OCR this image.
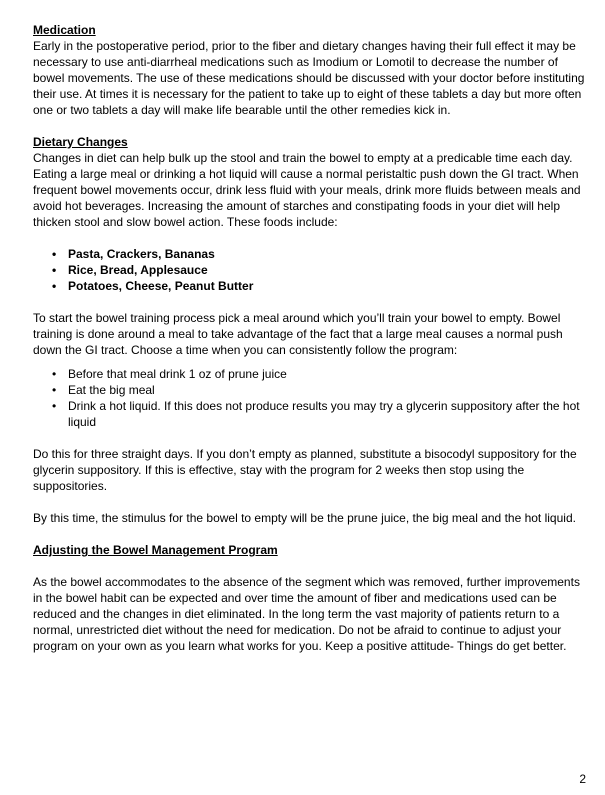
Medication

Early in the postoperative period, prior to the fiber and dietary changes having their full effect it may be necessary to use anti-diarrheal medications such as Imodium or Lomotil to decrease the number of bowel movements. The use of these medications should be discussed with your doctor before instituting their use. At times it is necessary for the patient to take up to eight of these tablets a day but more often one or two tablets a day will make life bearable until the other remedies kick in.

Dietary Changes

Changes in diet can help bulk up the stool and train the bowel to empty at a predicable time each day. Eating a large meal or drinking a hot liquid will cause a normal peristaltic push down the GI tract. When frequent bowel movements occur, drink less fluid with your meals, drink more fluids between meals and avoid hot beverages. Increasing the amount of starches and constipating foods in your diet will help thicken stool and slow bowel action. These foods include:

• Pasta, Crackers, Bananas
• Rice, Bread, Applesauce
• Potatoes, Cheese, Peanut Butter

To start the bowel training process pick a meal around which you’ll train your bowel to empty. Bowel training is done around a meal to take advantage of the fact that a large meal causes a normal push down the GI tract. Choose a time when you can consistently follow the program:

• Before that meal drink 1 oz of prune juice
• Eat the big meal
• Drink a hot liquid. If this does not produce results you may try a glycerin suppository after the hot liquid

Do this for three straight days. If you don’t empty as planned, substitute a bisocodyl suppository for the glycerin suppository. If this is effective, stay with the program for 2 weeks then stop using the suppositories.

By this time, the stimulus for the bowel to empty will be the prune juice, the big meal and the hot liquid.

Adjusting the Bowel Management Program

As the bowel accommodates to the absence of the segment which was removed, further improvements in the bowel habit can be expected and over time the amount of fiber and medications used can be reduced and the changes in diet eliminated. In the long term the vast majority of patients return to a normal, unrestricted diet without the need for medication. Do not be afraid to continue to adjust your program on your own as you learn what works for you. Keep a positive attitude- Things do get better.

2
